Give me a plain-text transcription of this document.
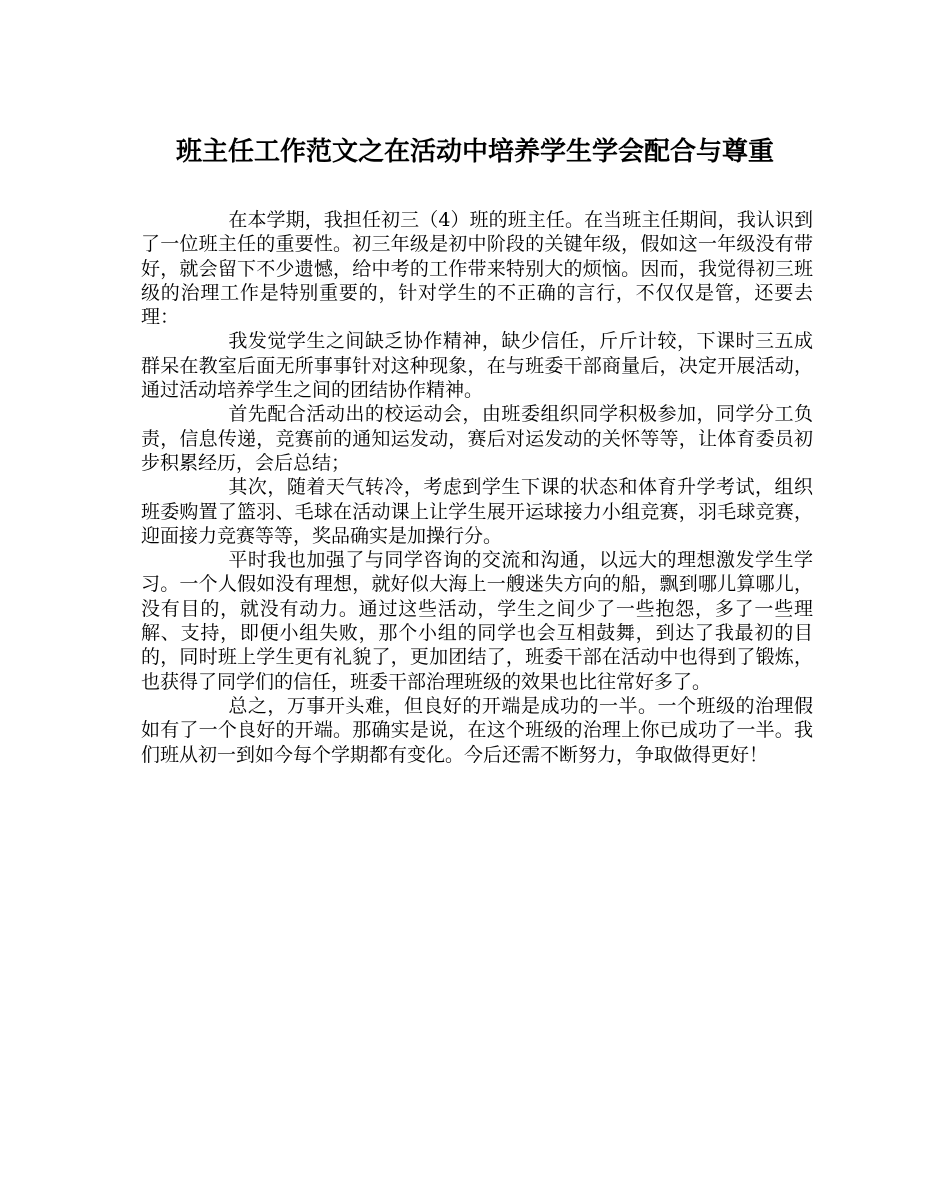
班主任工作范文之在活动中培养学生学会配合与尊重

在本学期，我担任初三（4）班的班主任。在当班主任期间，我认识到了一位班主任的重要性。初三年级是初中阶段的关键年级，假如这一年级没有带好，就会留下不少遗憾，给中考的工作带来特别大的烦恼。因而，我觉得初三班级的治理工作是特别重要的，针对学生的不正确的言行，不仅仅是管，还要去理：

我发觉学生之间缺乏协作精神，缺少信任，斤斤计较，下课时三五成群呆在教室后面无所事事针对这种现象，在与班委干部商量后，决定开展活动，通过活动培养学生之间的团结协作精神。

首先配合活动出的校运动会，由班委组织同学积极参加，同学分工负责，信息传递，竞赛前的通知运发动，赛后对运发动的关怀等等，让体育委员初步积累经历，会后总结；

其次，随着天气转冷，考虑到学生下课的状态和体育升学考试，组织班委购置了篮羽、毛球在活动课上让学生展开运球接力小组竞赛，羽毛球竞赛，迎面接力竞赛等等，奖品确实是加操行分。

平时我也加强了与同学咨询的交流和沟通，以远大的理想激发学生学习。一个人假如没有理想，就好似大海上一艘迷失方向的船，飘到哪儿算哪儿，没有目的，就没有动力。通过这些活动，学生之间少了一些抱怨，多了一些理解、支持，即便小组失败，那个小组的同学也会互相鼓舞，到达了我最初的目的，同时班上学生更有礼貌了，更加团结了，班委干部在活动中也得到了锻炼，也获得了同学们的信任，班委干部治理班级的效果也比往常好多了。

总之，万事开头难，但良好的开端是成功的一半。一个班级的治理假如有了一个良好的开端。那确实是说，在这个班级的治理上你已成功了一半。我们班从初一到如今每个学期都有变化。今后还需不断努力，争取做得更好！
